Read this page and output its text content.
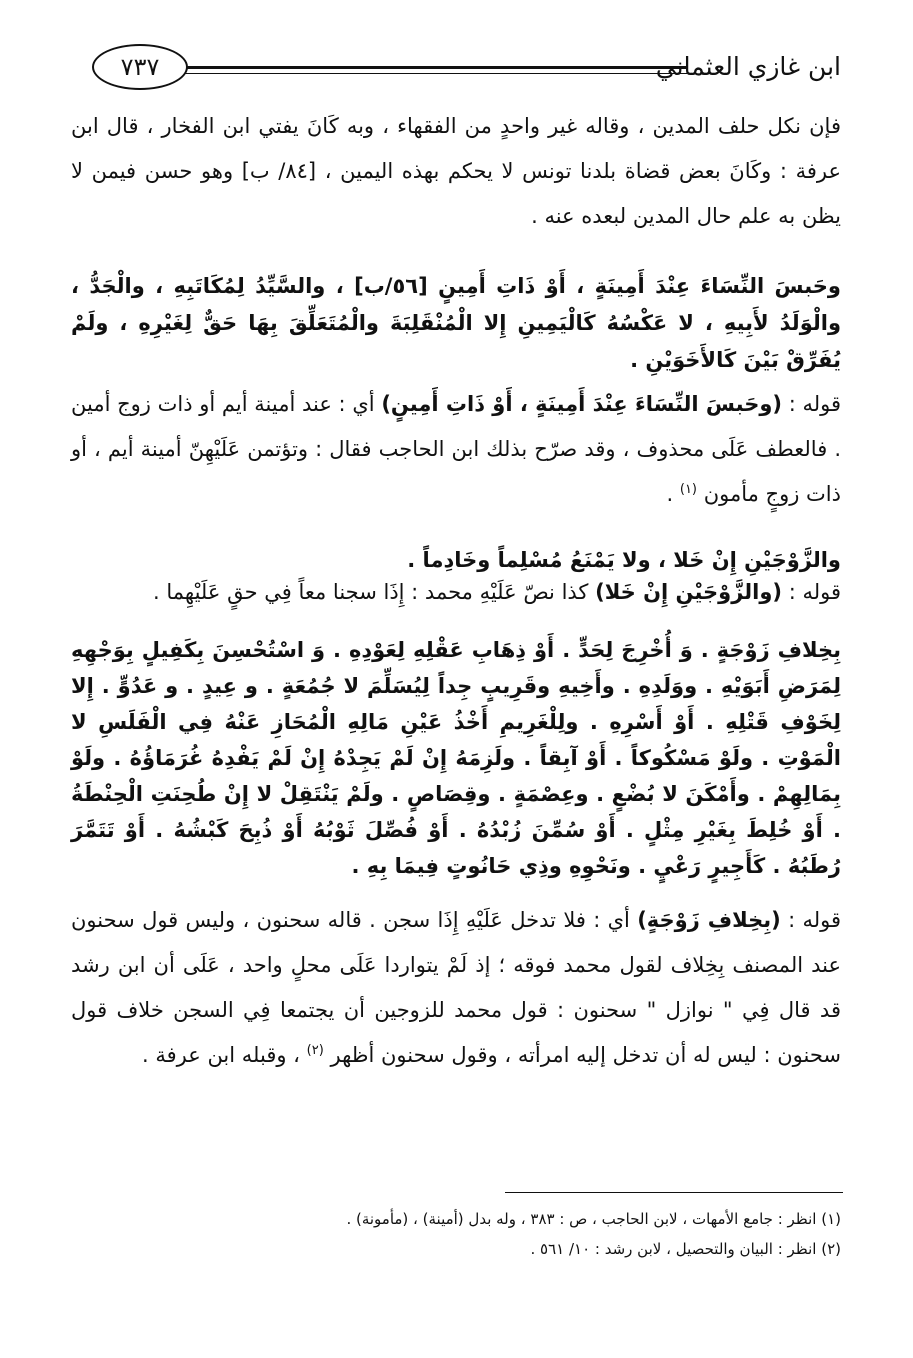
٧٣٧	ابن غازي العثماني
فإن نكل حلف المدين ، وقاله غير واحدٍ من الفقهاء ، وبه كَانَ يفتي ابن الفخار ، قال ابن عرفة : وكَانَ بعض قضاة بلدنا تونس لا يحكم بهذه اليمين ، [٨٤/ ب] وهو حسن فيمن لا يظن به علم حال المدين لبعده عنه .
وحَبسَ النِّسَاءَ عِنْدَ أَمِينَةٍ ، أَوْ ذَاتِ أَمِينٍ [٥٦/ب] ، والسَّيِّدُ لِمُكَاتَبِهِ ، والْجَدُّ ، والْوَلَدُ لأَبِيهِ ، لا عَكْسُهُ كَالْيَمِينِ إِلا الْمُنْقَلِبَةَ والْمُتَعَلِّقَ بِهَا حَقٌّ لِغَيْرِهِ ، ولَمْ يُفَرِّقْ بَيْنَ كَالأَخَوَيْنِ .
قوله : (وحَبسَ النِّسَاءَ عِنْدَ أَمِينَةٍ ، أَوْ ذَاتِ أَمِينٍ) أي : عند أمينة أيم أو ذات زوج أمين . فالعطف عَلَى محذوف ، وقد صرّح بذلك ابن الحاجب فقال : وتؤتمن عَلَيْهِنّ أمينة أيم ، أو ذات زوجٍ مأمون $^{(١)}$ .
والزَّوْجَيْنِ إِنْ خَلا ، ولا يَمْنَعُ مُسْلِماً وخَادِماً .
قوله : (والزَّوْجَيْنِ إِنْ خَلا) كذا نصّ عَلَيْهِ محمد : إِذَا سجنا معاً فِي حقٍ عَلَيْهِما .
بِخِلافِ زَوْجَةٍ . وَ أُخْرِجَ لِحَدٍّ . أَوْ ذِهَابِ عَقْلِهِ لِعَوْدِهِ . وَ اسْتُحْسِنَ بِكَفِيلٍ بِوَجْهِهِ لِمَرَضِ أَبَوَيْهِ . ووَلَدِهِ . وأَخِيهِ وقَرِيبٍ جِداً لِيُسَلِّمَ لا جُمُعَةٍ . و عِيدٍ . و عَدُوٍّ . إِلا لِخَوْفِ قَتْلِهِ . أَوْ أَسْرِهِ . ولِلْغَرِيمِ أَخْذُ عَيْنِ مَالِهِ الْمُحَازِ عَنْهُ فِي الْفَلَسِ لا الْمَوْتِ . ولَوْ مَسْكُوكاً . أَوْ آبِقاً . ولَزِمَهُ إِنْ لَمْ يَجِدْهُ إِنْ لَمْ يَفْدِهُ غُرَمَاؤُهُ . ولَوْ بِمَالِهِمْ . وأَمْكَنَ لا بُضْعٍ . وعِصْمَةٍ . وقِصَاصٍ . ولَمْ يَنْتَقِلْ لا إِنْ طُحِنَتِ الْحِنْطَةُ . أَوْ خُلِطَ بِغَيْرِ مِثْلٍ . أَوْ سُمِّنَ زُبْدُهُ . أَوْ فُصِّلَ ثَوْبُهُ أَوْ ذُبِحَ كَبْشُهُ . أَوْ تَتَمَّرَ رُطَبُهُ . كَأَجِيرٍ رَعْيٍ . ونَحْوِهِ وذِي حَانُوتٍ فِيمَا بِهِ .
قوله : (بِخِلافِ زَوْجَةٍ) أي : فلا تدخل عَلَيْهِ إِذَا سجن . قاله سحنون ، وليس قول سحنون عند المصنف بِخِلاف لقول محمد فوقه ؛ إذ لَمْ يتواردا عَلَى محلٍ واحد ، عَلَى أن ابن رشد قد قال فِي " نوازل " سحنون : قول محمد للزوجين أن يجتمعا فِي السجن خلاف قول سحنون : ليس له أن تدخل إليه امرأته ، وقول سحنون أظهر $^{(٢)}$ ، وقبله ابن عرفة .
(١) انظر : جامع الأمهات ، لابن الحاجب ، ص : ٣٨٣ ، وله بدل (أمينة) ، (مأمونة) .
(٢) انظر : البيان والتحصيل ، لابن رشد : ١٠/ ٥٦١ .
